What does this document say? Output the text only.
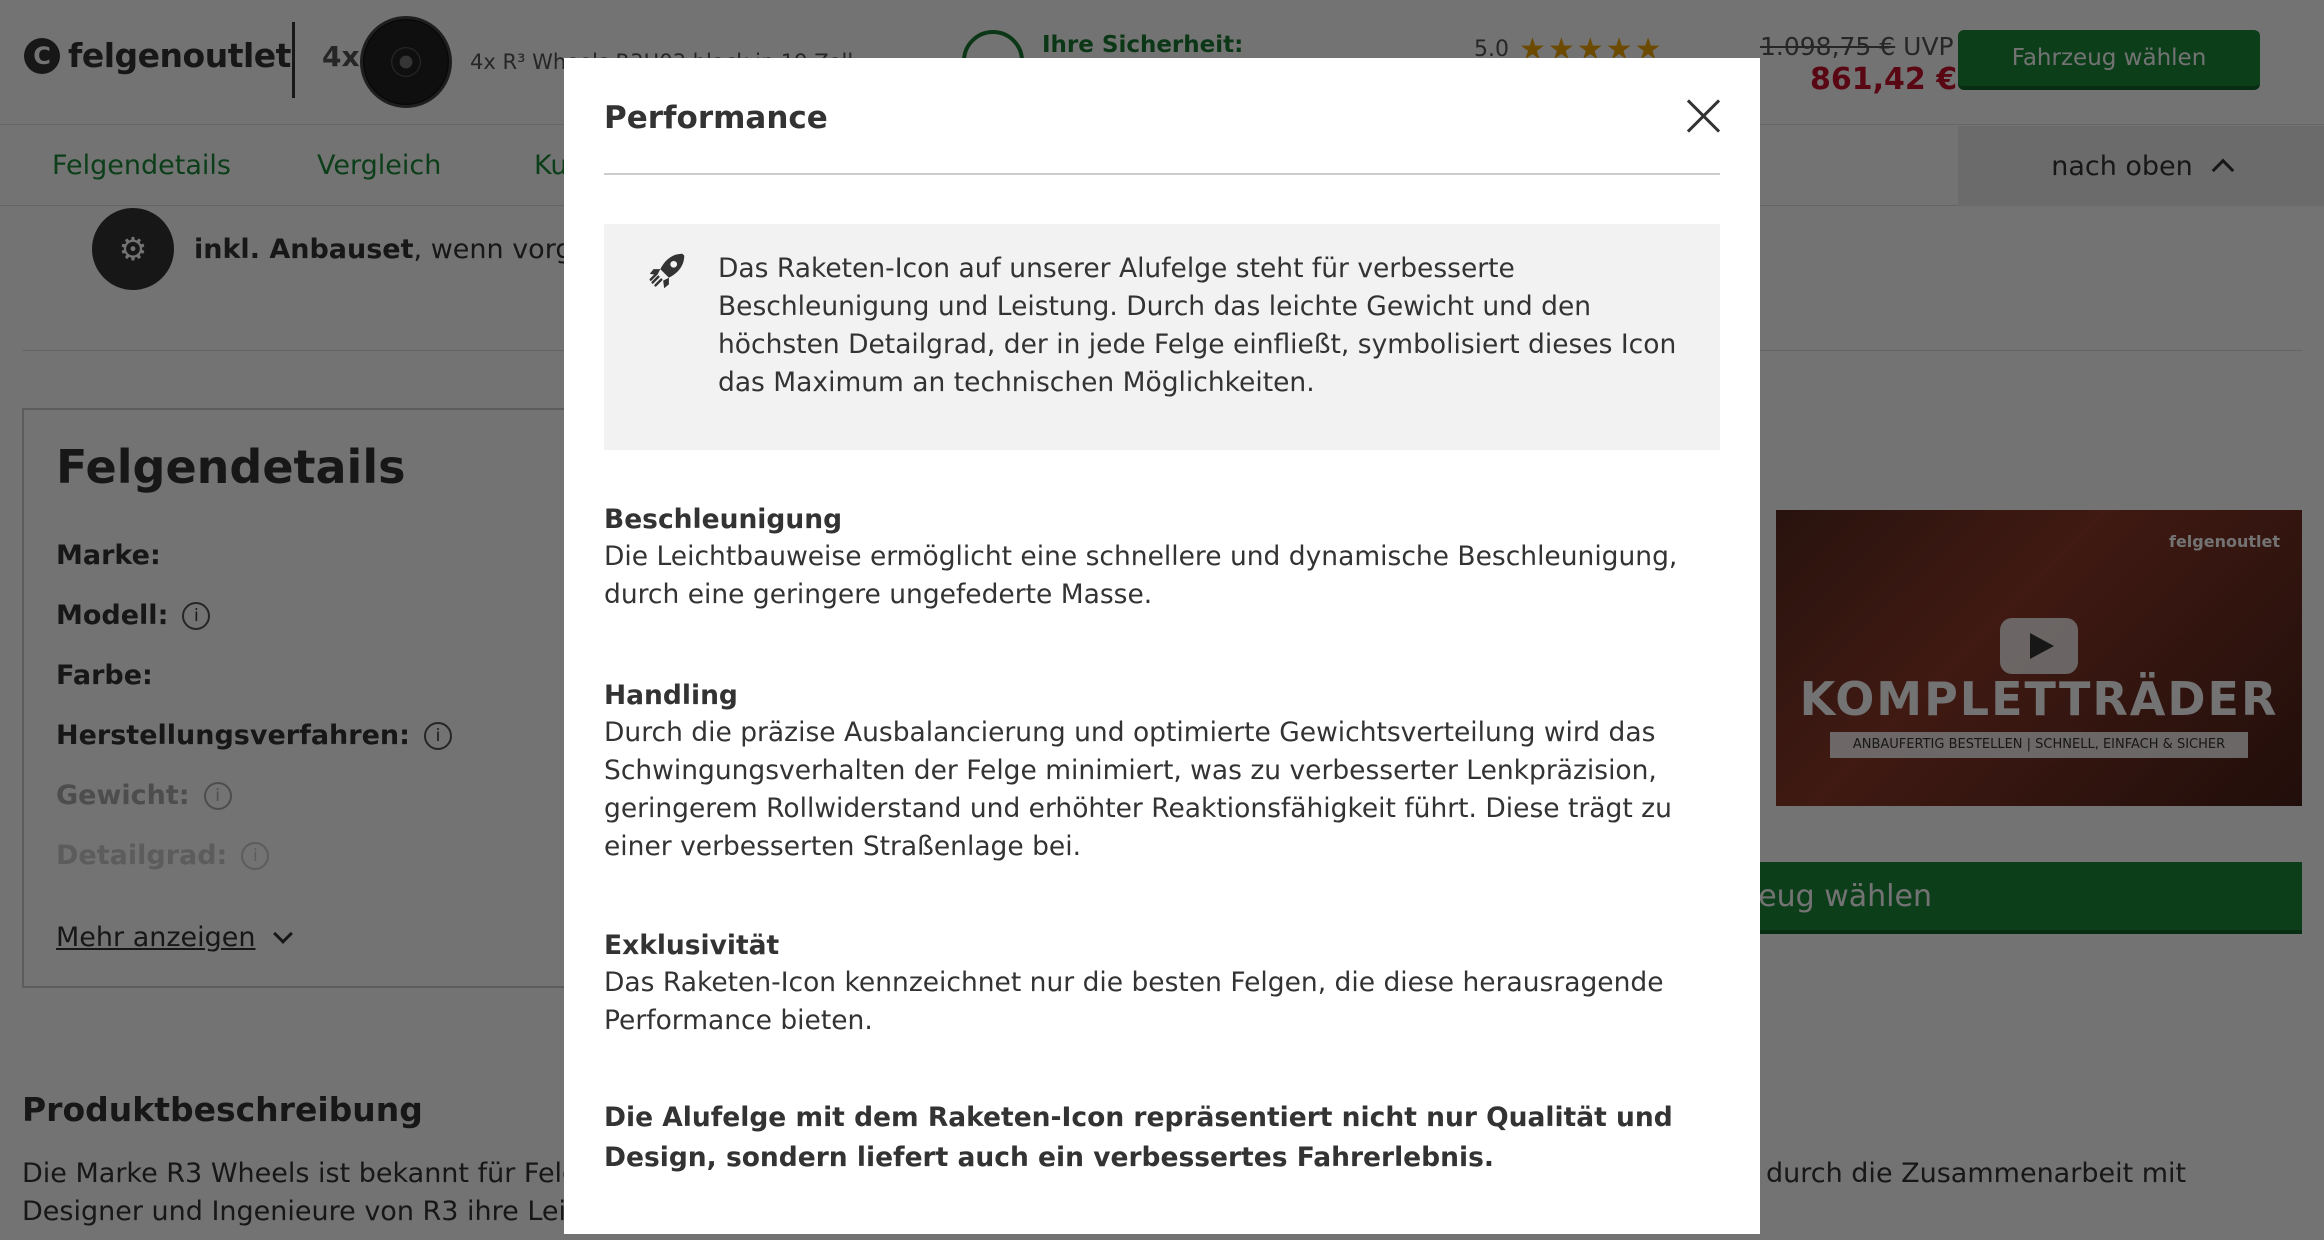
Performance

Das Raketen-Icon auf unserer Alufelge steht für verbesserte Beschleunigung und Leistung. Durch das leichte Gewicht und den höchsten Detailgrad, der in jede Felge einfließt, symbolisiert dieses Icon das Maximum an technischen Möglichkeiten.

Beschleunigung

Die Leichtbauweise ermöglicht eine schnellere und dynamische Beschleunigung, durch eine geringere ungefederte Masse.

Handling

Durch die präzise Ausbalancierung und optimierte Gewichtsverteilung wird das Schwingungsverhalten der Felge minimiert, was zu verbesserter Lenkpräzision, geringerem Rollwiderstand und erhöhter Reaktionsfähigkeit führt. Diese trägt zu einer verbesserten Straßenlage bei.

Exklusivität

Das Raketen-Icon kennzeichnet nur die besten Felgen, die diese herausragende Performance bieten.

Die Alufelge mit dem Raketen-Icon repräsentiert nicht nur Qualität und Design, sondern liefert auch ein verbessertes Fahrerlebnis.
